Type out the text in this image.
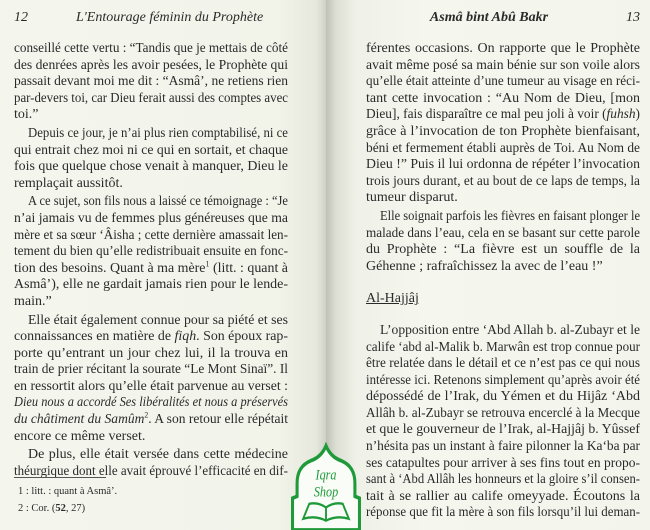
12	L'Entourage féminin du Prophète
conseillé cette vertu : “Tandis que je mettais de côté
des denrées après les avoir pesées, le Prophète qui
passait devant moi me dit : “Asmâ’, ne retiens rien
par-devers toi, car Dieu ferait aussi des comptes avec
toi.”
Depuis ce jour, je n’ai plus rien comptabilisé, ni ce
qui entrait chez moi ni ce qui en sortait, et chaque
fois que quelque chose venait à manquer, Dieu le
remplaçait aussitôt.
A ce sujet, son fils nous a laissé ce témoignage : “Je
n’ai jamais vu de femmes plus généreuses que ma
mère et sa sœur ‘Âisha ; cette dernière amassait len-
tement du bien qu’elle redistribuait ensuite en fonc-
tion des besoins. Quant à ma mère$^1$ (litt. : quant à
Asmâ’), elle ne gardait jamais rien pour le lende-
main.”
Elle était également connue pour sa piété et ses
connaissances en matière de fiqh. Son époux rap-
porte qu’entrant un jour chez lui, il la trouva en
train de prier récitant la sourate “Le Mont Sinaï”. Il
en ressortit alors qu’elle était parvenue au verset :
Dieu nous a accordé Ses libéralités et nous a préservés
du châtiment du Samûm$^2$. A son retour elle répétait
encore ce même verset.
De plus, elle était versée dans cette médecine
théurgique dont elle avait éprouvé l’efficacité en dif-
1 : litt. : quant à Asmâ’.
2 : Cor. (52, 27)
Asmâ bint Abû Bakr	13
férentes occasions. On rapporte que le Prophète
avait même posé sa main bénie sur son voile alors
qu’elle était atteinte d’une tumeur au visage en réci-
tant cette invocation : “Au Nom de Dieu, [mon
Dieu], fais disparaître ce mal peu joli à voir (fuhsh)
grâce à l’invocation de ton Prophète bienfaisant,
béni et fermement établi auprès de Toi. Au Nom de
Dieu !” Puis il lui ordonna de répéter l’invocation
trois jours durant, et au bout de ce laps de temps, la
tumeur disparut.
Elle soignait parfois les fièvres en faisant plonger le
malade dans l’eau, cela en se basant sur cette parole
du Prophète : “La fièvre est un souffle de la
Géhenne ; rafraîchissez la avec de l’eau !”
Al-Hajjâj
L’opposition entre ‘Abd Allah b. al-Zubayr et le
calife ‘abd al-Malik b. Marwân est trop connue pour
être relatée dans le détail et ce n’est pas ce qui nous
intéresse ici. Retenons simplement qu’après avoir été
dépossédé de l’Irak, du Yémen et du Hijâz ‘Abd
Allâh b. al-Zubayr se retrouva encerclé à la Mecque
et que le gouverneur de l’Irak, al-Hajjâj b. Yûssef
n’hésita pas un instant à faire pilonner la Ka‘ba par
ses catapultes pour arriver à ses fins tout en propo-
sant à ‘Abd Allâh les honneurs et la gloire s’il consen-
tait à se rallier au calife omeyyade. Écoutons la
réponse que fit la mère à son fils lorsqu’il lui deman-
Iqra
Shop
